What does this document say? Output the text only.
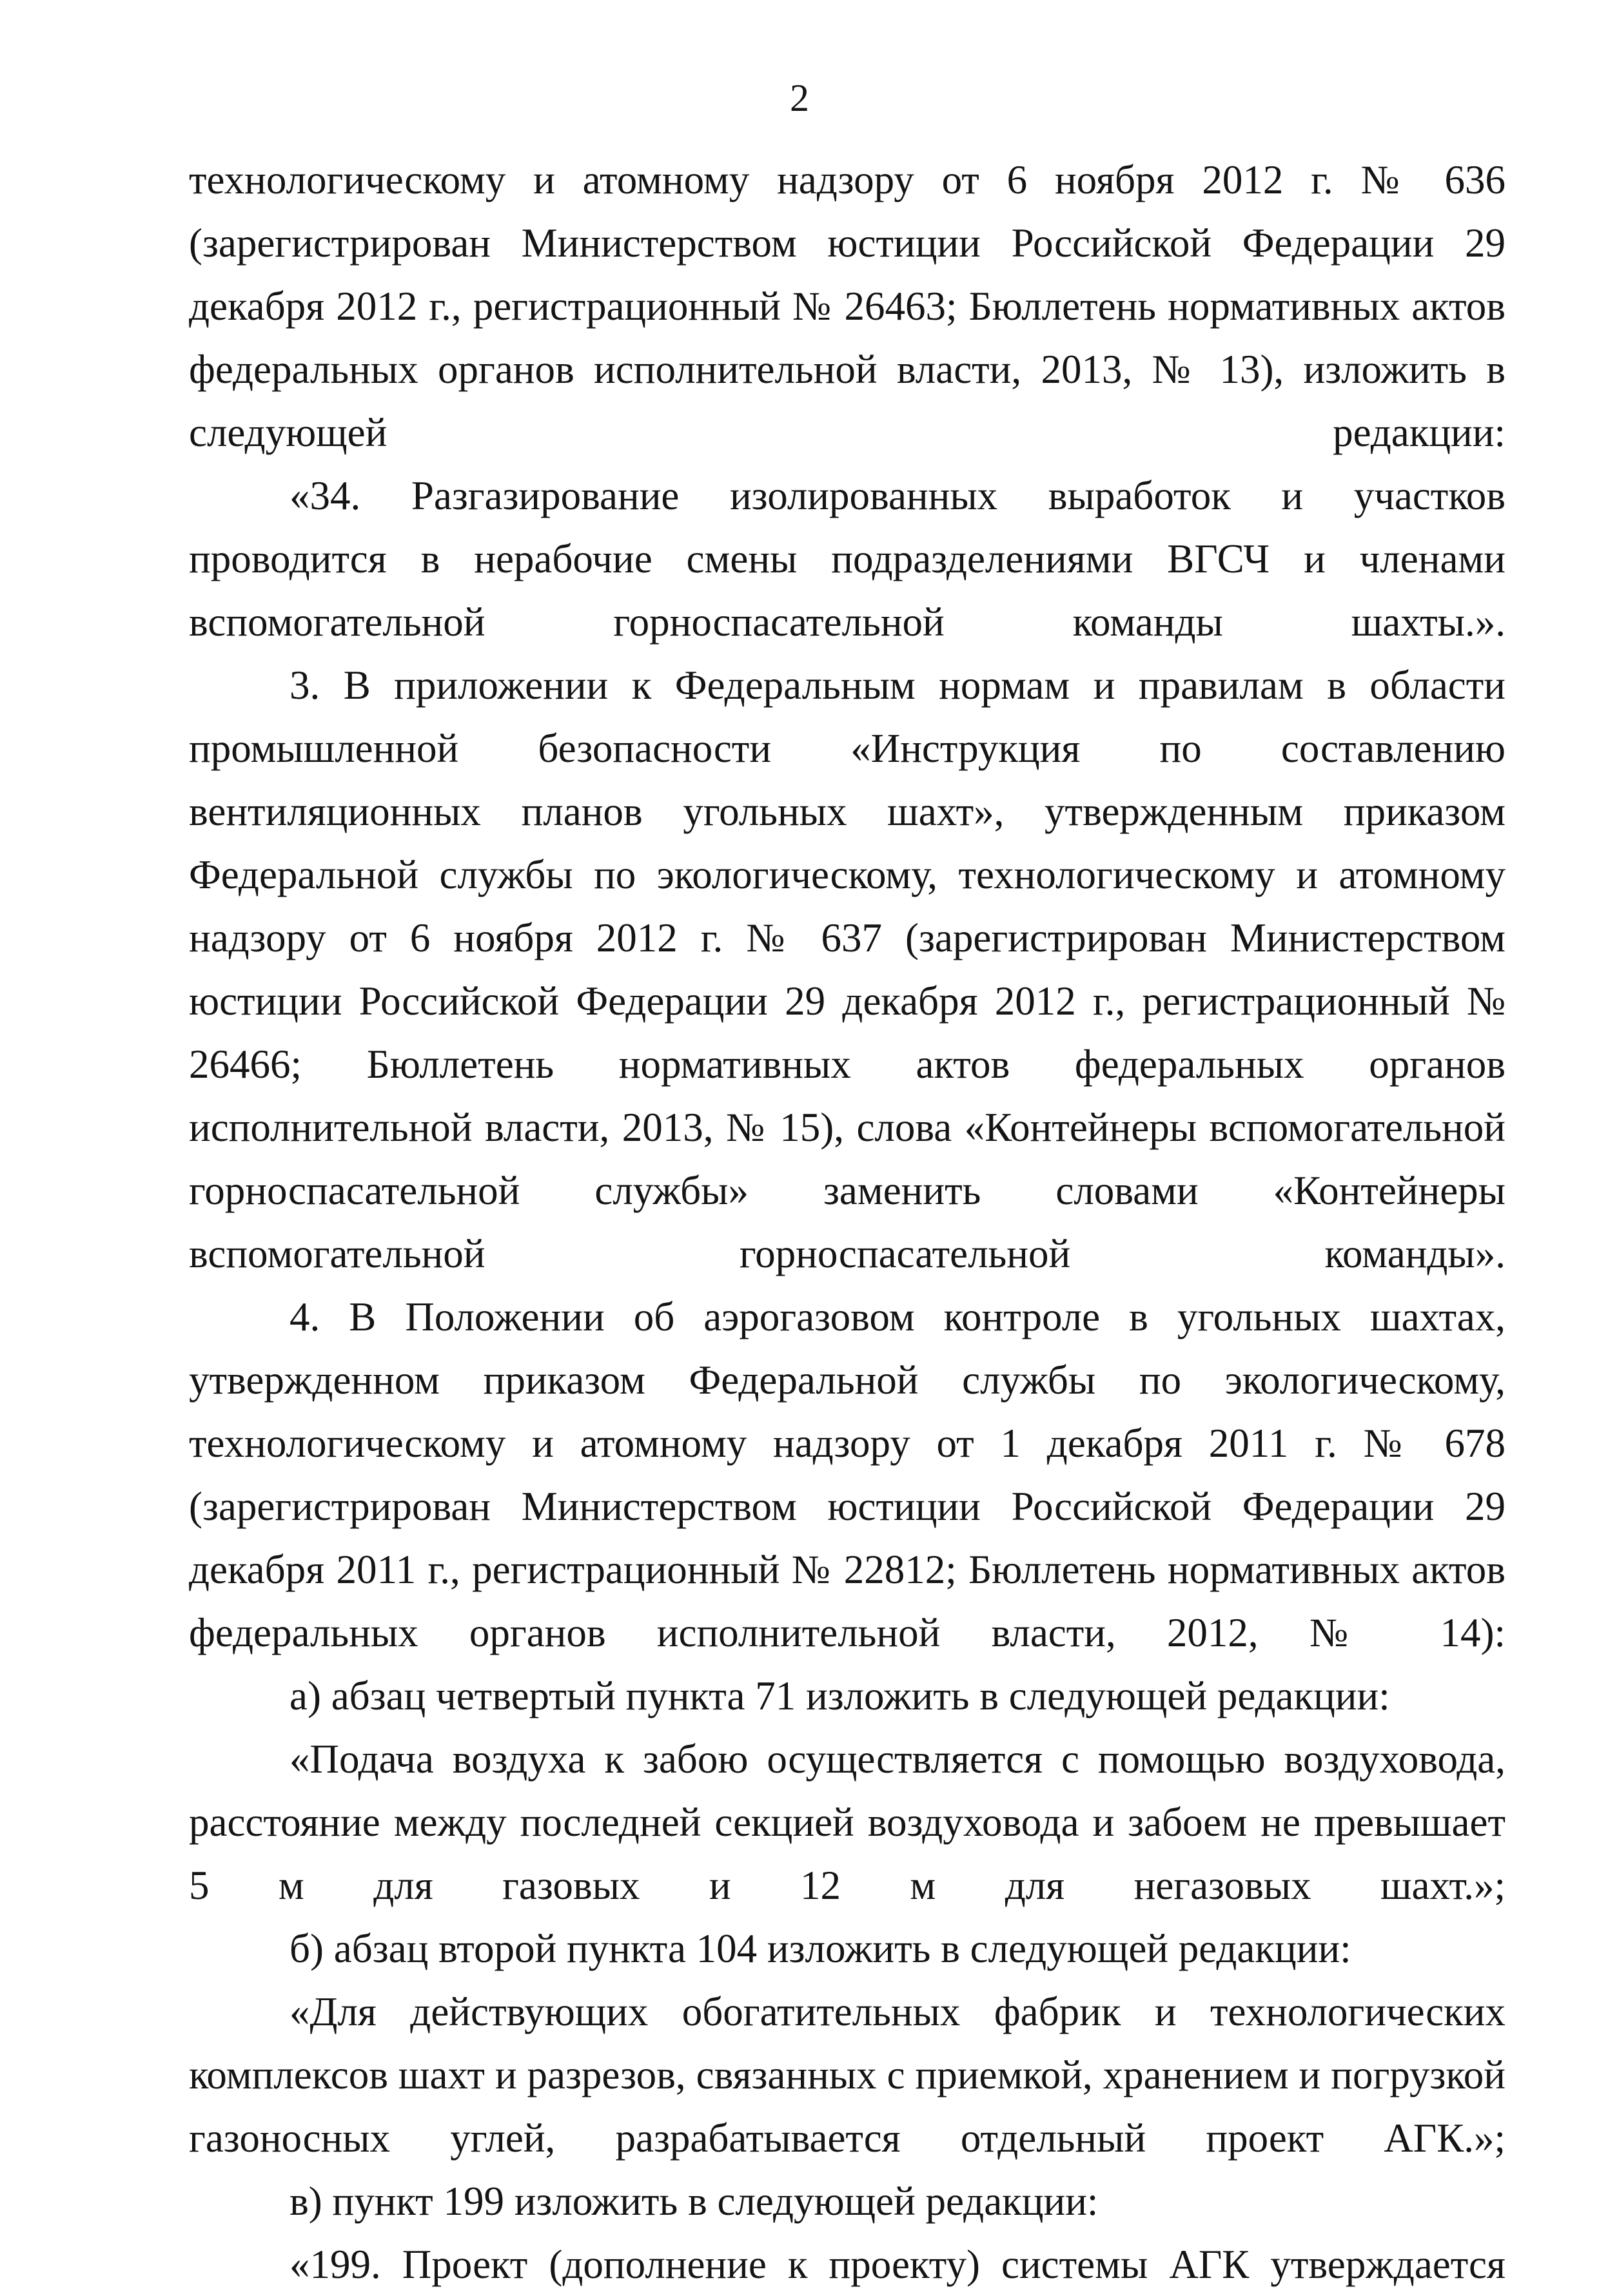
2

технологическому и атомному надзору от 6 ноября 2012 г. № 636 (зарегистрирован Министерством юстиции Российской Федерации 29 декабря 2012 г., регистрационный № 26463; Бюллетень нормативных актов федеральных органов исполнительной власти, 2013, № 13), изложить в следующей редакции:

«34. Разгазирование изолированных выработок и участков проводится в нерабочие смены подразделениями ВГСЧ и членами вспомогательной	горноспасательной команды шахты.».

3. В приложении к Федеральным нормам и правилам в области промышленной безопасности «Инструкция по составлению вентиляционных планов угольных шахт», утвержденным приказом Федеральной службы по экологическому, технологическому и атомному надзору от 6 ноября 2012 г. № 637 (зарегистрирован Министерством юстиции Российской Федерации 29 декабря 2012 г., регистрационный № 26466; Бюллетень нормативных актов федеральных органов исполнительной власти, 2013, № 15), слова «Контейнеры вспомогательной горноспасательной службы» заменить словами «Контейнеры вспомогательной горноспасательной команды».

4. В Положении об аэрогазовом контроле в угольных шахтах, утвержденном приказом Федеральной службы по экологическому, технологическому и атомному надзору от 1 декабря 2011 г. № 678 (зарегистрирован Министерством юстиции Российской Федерации 29 декабря 2011 г., регистрационный № 22812; Бюллетень нормативных актов федеральных органов исполнительной власти, 2012, № 14):

а) абзац четвертый пункта 71 изложить в следующей редакции:

«Подача воздуха к забою осуществляется с помощью воздуховода, расстояние между последней секцией воздуховода и забоем не превышает 5 м для газовых и 12 м для негазовых шахт.»;

б) абзац второй пункта 104 изложить в следующей редакции:

«Для действующих обогатительных фабрик и технологических комплексов шахт и разрезов, связанных с приемкой, хранением и погрузкой газоносных углей, разрабатывается отдельный проект АГК.»;

в) пункт 199 изложить в следующей редакции:

«199. Проект (дополнение к проекту) системы АГК утверждается
